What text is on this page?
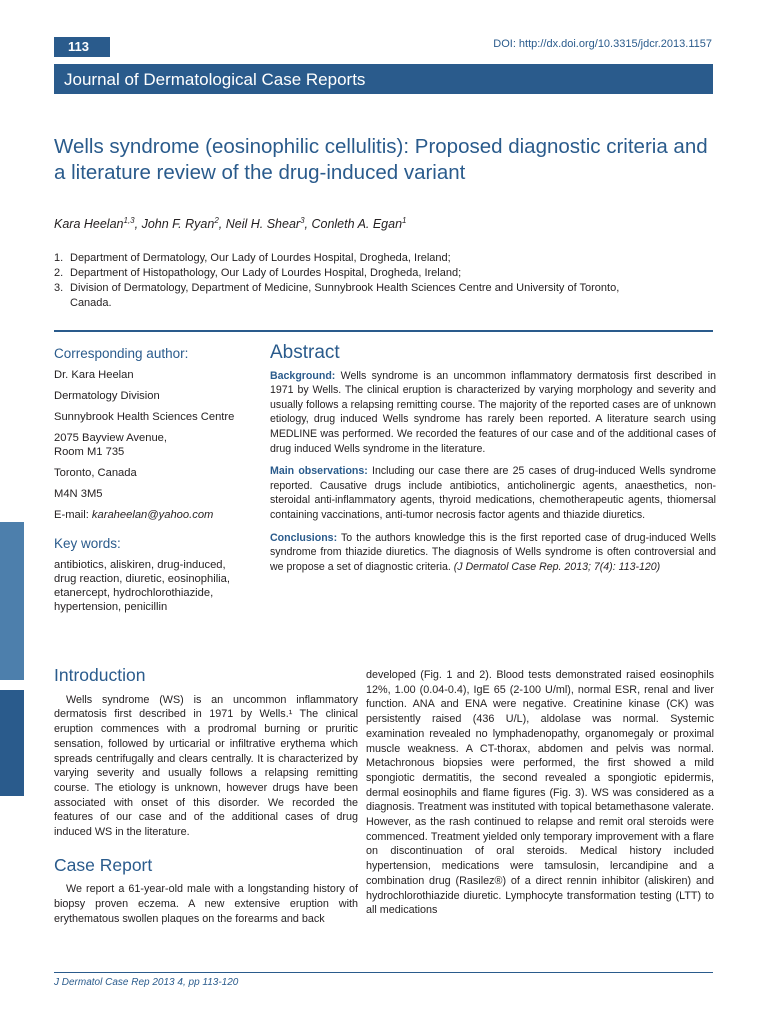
113	DOI: http://dx.doi.org/10.3315/jdcr.2013.1157
Journal of Dermatological Case Reports
Wells syndrome (eosinophilic cellulitis): Proposed diagnostic criteria and a literature review of the drug-induced variant
Kara Heelan$^{1,3}$, John F. Ryan$^2$, Neil H. Shear$^3$, Conleth A. Egan$^1$
1. Department of Dermatology, Our Lady of Lourdes Hospital, Drogheda, Ireland;
2. Department of Histopathology, Our Lady of Lourdes Hospital, Drogheda, Ireland;
3. Division of Dermatology, Department of Medicine, Sunnybrook Health Sciences Centre and University of Toronto,
Canada.
Corresponding author:
Dr. Kara Heelan
Dermatology Division
Sunnybrook Health Sciences Centre
2075 Bayview Avenue,
Room M1 735
Toronto, Canada
M4N 3M5
E-mail: karaheelan@yahoo.com
Key words:
antibiotics, aliskiren, drug-induced, drug reaction, diuretic, eosinophilia, etanercept, hydrochlorothiazide, hypertension, penicillin
Abstract

Background: Wells syndrome is an uncommon inflammatory dermatosis first described in 1971 by Wells. The clinical eruption is characterized by varying morphology and severity and usually follows a relapsing remitting course. The majority of the reported cases are of unknown etiology, drug induced Wells syndrome has rarely been reported. A literature search using MEDLINE was performed. We recorded the features of our case and of the additional cases of drug induced Wells syndrome in the literature.

Main observations: Including our case there are 25 cases of drug-induced Wells syndrome reported. Causative drugs include antibiotics, anticholinergic agents, anaesthetics, non-steroidal anti-inflammatory agents, thyroid medications, chemotherapeutic agents, thiomersal containing vaccinations, anti-tumor necrosis factor agents and thiazide diuretics.

Conclusions: To the authors knowledge this is the first reported case of drug-induced Wells syndrome from thiazide diuretics. The diagnosis of Wells syndrome is often controversial and we propose a set of diagnostic criteria. (J Dermatol Case Rep. 2013; 7(4): 113-120)

Introduction

Wells syndrome (WS) is an uncommon inflammatory dermatosis first described in 1971 by Wells.¹ The clinical eruption commences with a prodromal burning or pruritic sensation, followed by urticarial or infiltrative erythema which spreads centrifugally and clears centrally. It is characterized by varying severity and usually follows a relapsing remitting course. The etiology is unknown, however drugs have been associated with onset of this disorder. We recorded the features of our case and of the additional cases of drug induced WS in the literature.

Case Report

We report a 61-year-old male with a longstanding history of biopsy proven eczema. A new extensive eruption with erythematous swollen plaques on the forearms and back

developed (Fig. 1 and 2). Blood tests demonstrated raised eosinophils 12%, 1.00 (0.04-0.4), IgE 65 (2-100 U/ml), normal ESR, renal and liver function. ANA and ENA were negative. Creatinine kinase (CK) was persistently raised (436 U/L), aldolase was normal. Systemic examination revealed no lymphadenopathy, organomegaly or proximal muscle weakness. A CT-thorax, abdomen and pelvis was normal. Metachronous biopsies were performed, the first showed a mild spongiotic dermatitis, the second revealed a spongiotic epidermis, dermal eosinophils and flame figures (Fig. 3). WS was considered as a diagnosis. Treatment was instituted with topical betamethasone valerate. However, as the rash continued to relapse and remit oral steroids were commenced. Treatment yielded only temporary improvement with a flare on discontinuation of oral steroids. Medical history included hypertension, medications were tamsulosin, lercandipine and a combination drug (Rasilez®) of a direct rennin inhibitor (aliskiren) and hydrochlorothiazide diuretic. Lymphocyte transformation testing (LTT) to all medications

J Dermatol Case Rep 2013 4, pp 113-120
